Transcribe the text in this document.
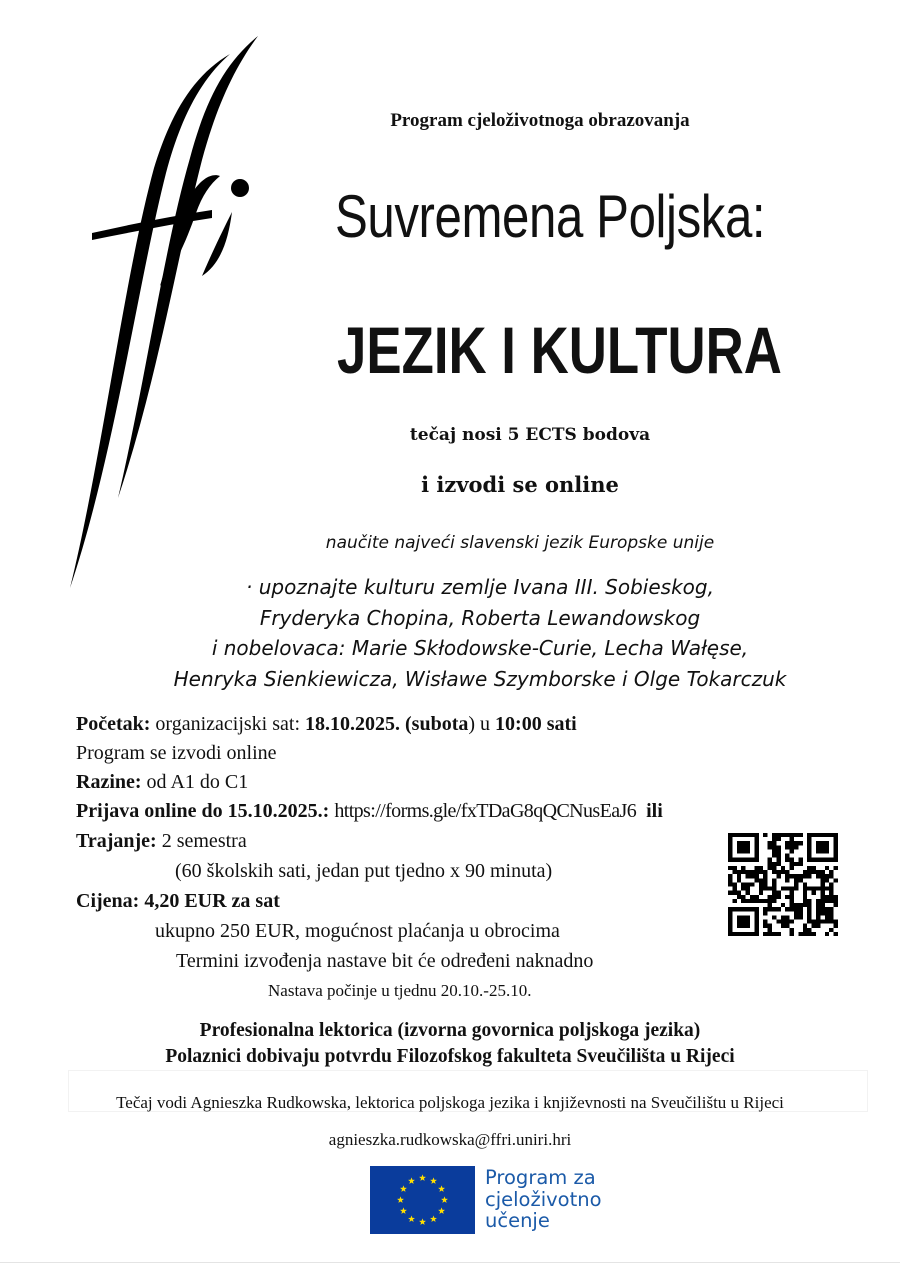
Program cjeloživotnoga obrazovanja
Suvremena Poljska:
JEZIK I KULTURA
tečaj nosi 5 ECTS bodova
i izvodi se online
naučite najveći slavenski jezik Europske unije
· upoznajte kulturu zemlje Ivana III. Sobieskog,
Fryderyka Chopina, Roberta Lewandowskog
i nobelovaca: Marie Skłodowske-Curie, Lecha Wałęse,
Henryka Sienkiewicza, Wisławe Szymborske i Olge Tokarczuk
Početak: organizacijski sat: 18.10.2025. (subota) u 10:00 sati
Program se izvodi online
Razine: od A1 do C1
Prijava online do 15.10.2025.: https://forms.gle/fxTDaG8qQCNusEaJ6 ili
Trajanje: 2 semestra
(60 školskih sati, jedan put tjedno x 90 minuta)
Cijena: 4,20 EUR za sat
ukupno 250 EUR, mogućnost plaćanja u obrocima
Termini izvođenja nastave bit će određeni naknadno
Nastava počinje u tjednu 20.10.-25.10.
Profesionalna lektorica (izvorna govornica poljskoga jezika)
Polaznici dobivaju potvrdu Filozofskog fakulteta Sveučilišta u Rijeci
Tečaj vodi Agnieszka Rudkowska, lektorica poljskoga jezika i književnosti na Sveučilištu u Rijeci
agnieszka.rudkowska@ffri.uniri.hri
Program za
cjeloživotno
učenje
